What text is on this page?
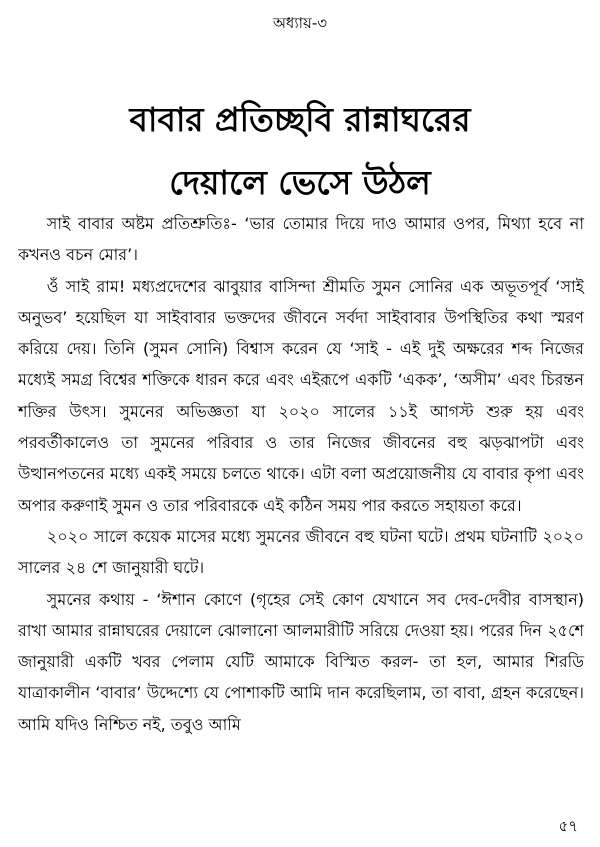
অধ্যায়-৩
বাবার প্রতিচ্ছবি রান্নাঘরের
দেয়ালে ভেসে উঠল

সাই বাবার অষ্টম প্রতিশ্রুতিঃ- ‘ভার তোমার দিয়ে দাও আমার ওপর, মিথ্যা হবে না কখনও বচন মোর’।

ওঁ সাই রাম! মধ্যপ্রদেশের ঝাবুয়ার বাসিন্দা শ্রীমতি সুমন সোনির এক অভূতপূর্ব ‘সাই অনুভব’ হয়েছিল যা সাইবাবার ভক্তদের জীবনে সর্বদা সাইবাবার উপস্থিতির কথা স্মরণ করিয়ে দেয়। তিনি (সুমন সোনি) বিশ্বাস করেন যে ‘সাই - এই দুই অক্ষরের শব্দ নিজের মধ্যেই সমগ্র বিশ্বের শক্তিকে ধারন করে এবং এইরূপে একটি ‘একক’, ‘অসীম’ এবং চিরন্তন শক্তির উৎস। সুমনের অভিজ্ঞতা যা ২০২০ সালের ১১ই আগস্ট শুরু হয় এবং পরবর্তীকালেও তা সুমনের পরিবার ও তার নিজের জীবনের বহু ঝড়ঝাপটা এবং উত্থানপতনের মধ্যে একই সময়ে চলতে থাকে। এটা বলা অপ্রয়োজনীয় যে বাবার কৃপা এবং অপার করুণাই সুমন ও তার পরিবারকে এই কঠিন সময় পার করতে সহায়তা করে।

২০২০ সালে কয়েক মাসের মধ্যে সুমনের জীবনে বহু ঘটনা ঘটে। প্রথম ঘটনাটি ২০২০ সালের ২৪ শে জানুয়ারী ঘটে।

সুমনের কথায় - ‘ঈশান কোণে (গৃহের সেই কোণ যেখানে সব দেব-দেবীর বাসস্থান) রাখা আমার রান্নাঘরের দেয়ালে ঝোলানো আলমারীটি সরিয়ে দেওয়া হয়। পরের দিন ২৫শে জানুয়ারী একটি খবর পেলাম যেটি আমাকে বিস্মিত করল- তা হল, আমার শিরডি যাত্রাকালীন ‘বাবার’ উদ্দেশ্যে যে পোশাকটি আমি দান করেছিলাম, তা বাবা, গ্রহন করেছেন। আমি যদিও নিশ্চিত নই, তবুও আমি

৫৭
